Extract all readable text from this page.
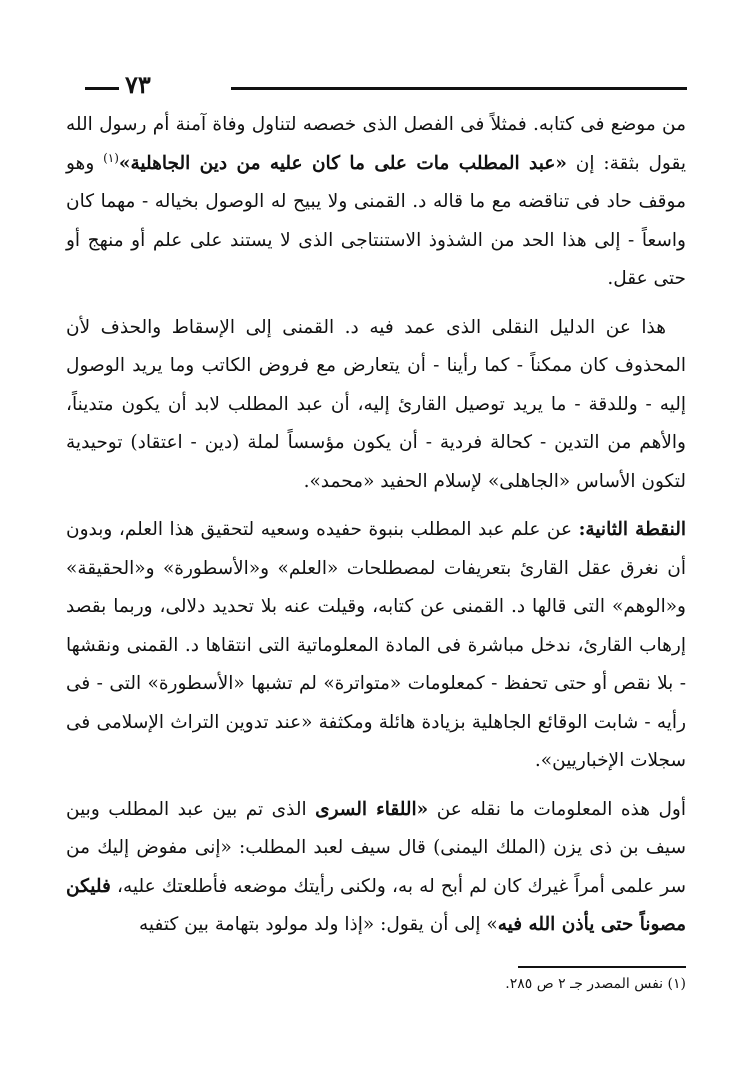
٧٣

من موضع فى كتابه. فمثلاً فى الفصل الذى خصصه لتناول وفاة آمنة أم رسول الله يقول بثقة: إن «عبد المطلب مات على ما كان عليه من دين الجاهلية»$^{(١)}$ وهو موقف حاد فى تناقضه مع ما قاله د. القمنى ولا يبيح له الوصول بخياله - مهما كان واسعاً - إلى هذا الحد من الشذوذ الاستنتاجى الذى لا يستند على علم أو منهج أو حتى عقل.

هذا عن الدليل النقلى الذى عمد فيه د. القمنى إلى الإسقاط والحذف لأن المحذوف كان ممكناً - كما رأينا - أن يتعارض مع فروض الكاتب وما يريد الوصول إليه - وللدقة - ما يريد توصيل القارئ إليه، أن عبد المطلب لابد أن يكون متديناً، والأهم من التدين - كحالة فردية - أن يكون مؤسساً لملة (دين - اعتقاد) توحيدية لتكون الأساس «الجاهلى» لإسلام الحفيد «محمد».

النقطة الثانية: عن علم عبد المطلب بنبوة حفيده وسعيه لتحقيق هذا العلم، وبدون أن نغرق عقل القارئ بتعريفات لمصطلحات «العلم» و«الأسطورة» و«الحقيقة» و«الوهم» التى قالها د. القمنى عن كتابه، وقيلت عنه بلا تحديد دلالى، وربما بقصد إرهاب القارئ، ندخل مباشرة فى المادة المعلوماتية التى انتقاها د. القمنى ونقشها - بلا نقص أو حتى تحفظ - كمعلومات «متواترة» لم تشبها «الأسطورة» التى - فى رأيه - شابت الوقائع الجاهلية بزيادة هائلة ومكثفة «عند تدوين التراث الإسلامى فى سجلات الإخباريين».

أول هذه المعلومات ما نقله عن «اللقاء السرى الذى تم بين عبد المطلب وبين سيف بن ذى يزن (الملك اليمنى) قال سيف لعبد المطلب: «إنى مفوض إليك من سر علمى أمراً غيرك كان لم أبح له به، ولكنى رأيتك موضعه فأطلعتك عليه، فليكن مصوناً حتى يأذن الله فيه» إلى أن يقول: «إذا ولد مولود بتهامة بين كتفيه

(١) نفس المصدر جـ ٢ ص ٢٨٥.
